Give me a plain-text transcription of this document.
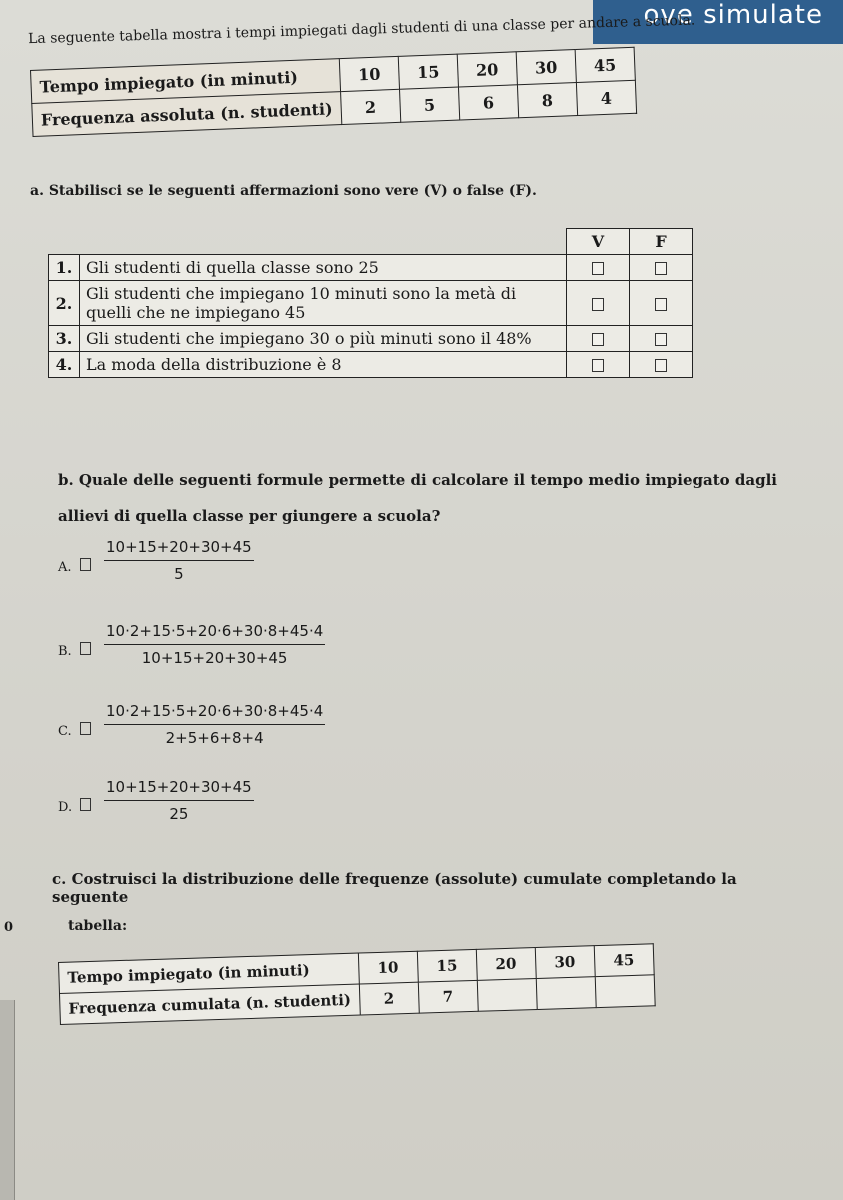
ove simulate
La seguente tabella mostra i tempi impiegati dagli studenti di una classe per andare a scuola.
Tempo impiegato (in minuti)	10	15	20	30	45
Frequenza assoluta (n. studenti)	2	5	6	8	4
a. Stabilisci se le seguenti affermazioni sono vere (V) o false (F).
		V	F
1.	Gli studenti di quella classe sono 25		
2.	Gli studenti che impiegano 10 minuti sono la metà di quelli che ne impiegano 45		
3.	Gli studenti che impiegano 30 o più minuti sono il 48%		
4.	La moda della distribuzione è 8		
b. Quale delle seguenti formule permette di calcolare il tempo medio impiegato dagli allievi di quella classe per giungere a scuola?
A. $\frac{10+15+20+30+45}{5}$
B. $\frac{10\cdot 2+15\cdot 5+20\cdot 6+30\cdot 8+45\cdot 4}{10+15+20+30+45}$
C. $\frac{10\cdot 2+15\cdot 5+20\cdot 6+30\cdot 8+45\cdot 4}{2+5+6+8+4}$
D. $\frac{10+15+20+30+45}{25}$
c. Costruisci la distribuzione delle frequenze (assolute) cumulate completando la seguente
tabella:
0
Tempo impiegato (in minuti)	10	15	20	30	45
Frequenza cumulata (n. studenti)	2	7			
